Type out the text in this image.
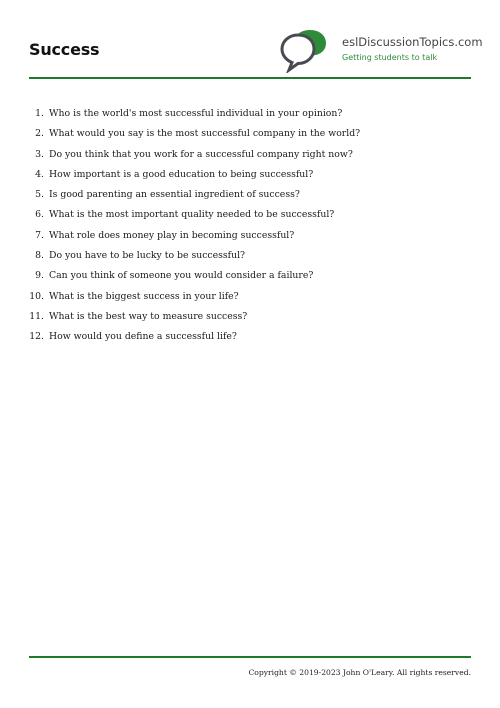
Success	eslDiscussionTopics.com
Getting students to talk
1. Who is the world's most successful individual in your opinion?
2. What would you say is the most successful company in the world?
3. Do you think that you work for a successful company right now?
4. How important is a good education to being successful?
5. Is good parenting an essential ingredient of success?
6. What is the most important quality needed to be successful?
7. What role does money play in becoming successful?
8. Do you have to be lucky to be successful?
9. Can you think of someone you would consider a failure?
10. What is the biggest success in your life?
11. What is the best way to measure success?
12. How would you define a successful life?
Copyright © 2019-2023 John O'Leary. All rights reserved.
